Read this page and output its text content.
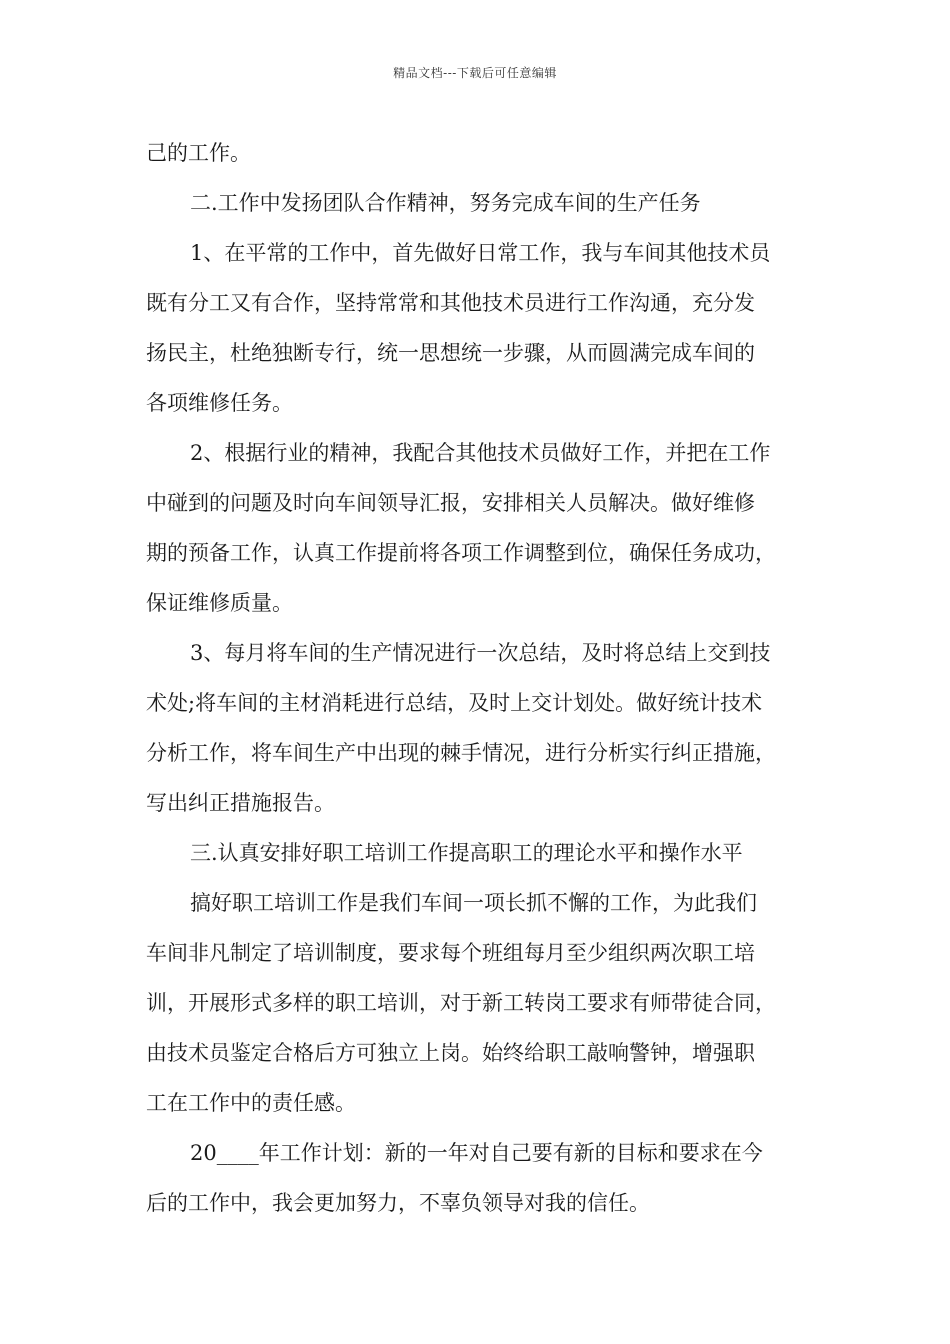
精品文档---下载后可任意编辑
己的工作。
二.工作中发扬团队合作精神，努务完成车间的生产任务
1、在平常的工作中，首先做好日常工作，我与车间其他技术员
既有分工又有合作，坚持常常和其他技术员进行工作沟通，充分发
扬民主，杜绝独断专行，统一思想统一步骤，从而圆满完成车间的
各项维修任务。
2、根据行业的精神，我配合其他技术员做好工作，并把在工作
中碰到的问题及时向车间领导汇报，安排相关人员解决。做好维修
期的预备工作，认真工作提前将各项工作调整到位，确保任务成功，
保证维修质量。
3、每月将车间的生产情况进行一次总结，及时将总结上交到技
术处;将车间的主材消耗进行总结，及时上交计划处。做好统计技术
分析工作，将车间生产中出现的棘手情况，进行分析实行纠正措施，
写出纠正措施报告。
三.认真安排好职工培训工作提高职工的理论水平和操作水平
搞好职工培训工作是我们车间一项长抓不懈的工作，为此我们
车间非凡制定了培训制度，要求每个班组每月至少组织两次职工培
训，开展形式多样的职工培训，对于新工转岗工要求有师带徒合同，
由技术员鉴定合格后方可独立上岗。始终给职工敲响警钟，增强职
工在工作中的责任感。
20____年工作计划：新的一年对自己要有新的目标和要求在今
后的工作中，我会更加努力，不辜负领导对我的信任。
